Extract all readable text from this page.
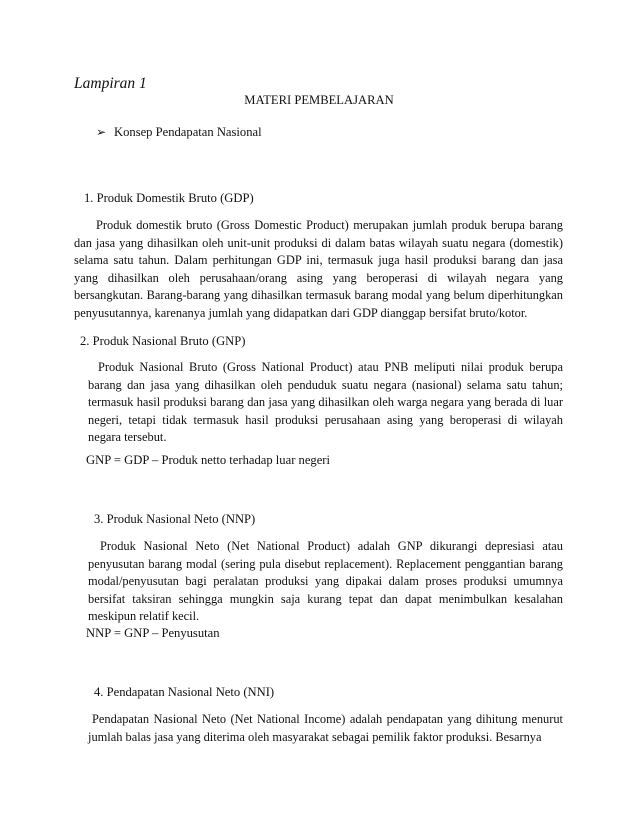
Lampiran 1
MATERI PEMBELAJARAN
➢ Konsep Pendapatan Nasional
1. Produk Domestik Bruto (GDP)
Produk domestik bruto (Gross Domestic Product) merupakan jumlah produk berupa barang dan jasa yang dihasilkan oleh unit-unit produksi di dalam batas wilayah suatu negara (domestik) selama satu tahun. Dalam perhitungan GDP ini, termasuk juga hasil produksi barang dan jasa yang dihasilkan oleh perusahaan/orang asing yang beroperasi di wilayah negara yang bersangkutan. Barang-barang yang dihasilkan termasuk barang modal yang belum diperhitungkan penyusutannya, karenanya jumlah yang didapatkan dari GDP dianggap bersifat bruto/kotor.
2. Produk Nasional Bruto (GNP)
Produk Nasional Bruto (Gross National Product) atau PNB meliputi nilai produk berupa barang dan jasa yang dihasilkan oleh penduduk suatu negara (nasional) selama satu tahun; termasuk hasil produksi barang dan jasa yang dihasilkan oleh warga negara yang berada di luar negeri, tetapi tidak termasuk hasil produksi perusahaan asing yang beroperasi di wilayah negara tersebut.
GNP = GDP – Produk netto terhadap luar negeri
3. Produk Nasional Neto (NNP)
Produk Nasional Neto (Net National Product) adalah GNP dikurangi depresiasi atau penyusutan barang modal (sering pula disebut replacement). Replacement penggantian barang modal/penyusutan bagi peralatan produksi yang dipakai dalam proses produksi umumnya bersifat taksiran sehingga mungkin saja kurang tepat dan dapat menimbulkan kesalahan meskipun relatif kecil.
NNP = GNP – Penyusutan
4. Pendapatan Nasional Neto (NNI)
Pendapatan Nasional Neto (Net National Income) adalah pendapatan yang dihitung menurut jumlah balas jasa yang diterima oleh masyarakat sebagai pemilik faktor produksi. Besarnya
